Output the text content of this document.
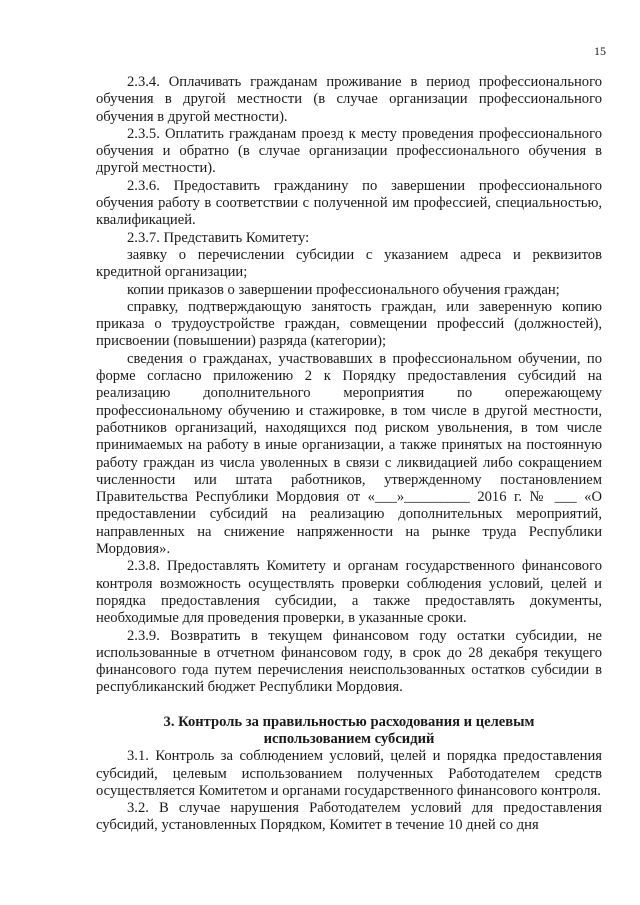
15

2.3.4. Оплачивать гражданам проживание в период профессионального обучения в другой местности (в случае организации профессионального обучения в другой местности).

2.3.5. Оплатить гражданам проезд к месту проведения профессионального обучения и обратно (в случае организации профессионального обучения в другой местности).

2.3.6. Предоставить гражданину по завершении профессионального обучения работу в соответствии с полученной им профессией, специальностью, квалификацией.

2.3.7. Представить Комитету:

заявку о перечислении субсидии с указанием адреса и реквизитов кредитной организации;

копии приказов о завершении профессионального обучения граждан;

справку, подтверждающую занятость граждан, или заверенную копию приказа о трудоустройстве граждан, совмещении профессий (должностей), присвоении (повышении) разряда (категории);

сведения о гражданах, участвовавших в профессиональном обучении, по форме согласно приложению 2 к Порядку предоставления субсидий на реализацию дополнительного мероприятия по опережающему профессиональному обучению и стажировке, в том числе в другой местности, работников организаций, находящихся под риском увольнения, в том числе принимаемых на работу в иные организации, а также принятых на постоянную работу граждан из числа уволенных в связи с ликвидацией либо сокращением численности или штата работников, утвержденному постановлением Правительства Республики Мордовия от «___»_________ 2016 г. № ___ «О предоставлении субсидий на реализацию дополнительных мероприятий, направленных на снижение напряженности на рынке труда Республики Мордовия».

2.3.8. Предоставлять Комитету и органам государственного финансового контроля возможность осуществлять проверки соблюдения условий, целей и порядка предоставления субсидии, а также предоставлять документы, необходимые для проведения проверки, в указанные сроки.

2.3.9. Возвратить в текущем финансовом году остатки субсидии, не использованные в отчетном финансовом году, в срок до 28 декабря текущего финансового года путем перечисления неиспользованных остатков субсидии в республиканский бюджет Республики Мордовия.

3. Контроль за правильностью расходования и целевым
использованием субсидий

3.1. Контроль за соблюдением условий, целей и порядка предоставления субсидий, целевым использованием полученных Работодателем средств осуществляется Комитетом и органами государственного финансового контроля.

3.2. В случае нарушения Работодателем условий для предоставления субсидий, установленных Порядком, Комитет в течение 10 дней со дня
